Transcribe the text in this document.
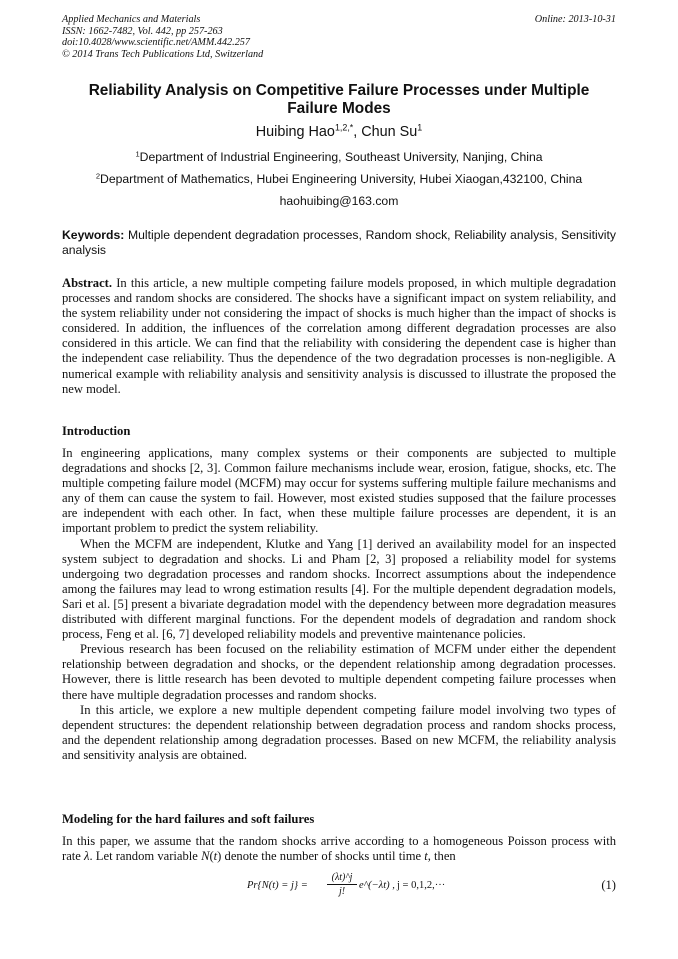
Applied Mechanics and Materials
ISSN: 1662-7482, Vol. 442, pp 257-263
doi:10.4028/www.scientific.net/AMM.442.257
© 2014 Trans Tech Publications Ltd, Switzerland
Online: 2013-10-31
Reliability Analysis on Competitive Failure Processes under Multiple Failure Modes
Huibing Hao$^{1,2,*}$, Chun Su$^1$
$^1$Department of Industrial Engineering, Southeast University, Nanjing, China
$^2$Department of Mathematics, Hubei Engineering University, Hubei Xiaogan,432100, China
haohuibing@163.com
Keywords: Multiple dependent degradation processes, Random shock, Reliability analysis, Sensitivity analysis
Abstract. In this article, a new multiple competing failure models proposed, in which multiple degradation processes and random shocks are considered. The shocks have a significant impact on system reliability, and the system reliability under not considering the impact of shocks is much higher than the impact of shocks is considered. In addition, the influences of the correlation among different degradation processes are also considered in this article. We can find that the reliability with considering the dependent case is higher than the independent case reliability. Thus the dependence of the two degradation processes is non-negligible. A numerical example with reliability analysis and sensitivity analysis is discussed to illustrate the proposed the new model.
Introduction

In engineering applications, many complex systems or their components are subjected to multiple degradations and shocks [2, 3]. Common failure mechanisms include wear, erosion, fatigue, shocks, etc. The multiple competing failure model (MCFM) may occur for systems suffering multiple failure mechanisms and any of them can cause the system to fail. However, most existed studies supposed that the failure processes are independent with each other. In fact, when these multiple failure processes are dependent, it is an important problem to predict the system reliability.

When the MCFM are independent, Klutke and Yang [1] derived an availability model for an inspected system subject to degradation and shocks. Li and Pham [2, 3] proposed a reliability model for systems undergoing two degradation processes and random shocks. Incorrect assumptions about the independence among the failures may lead to wrong estimation results [4]. For the multiple dependent degradation models, Sari et al. [5] present a bivariate degradation model with the dependency between more degradation measures distributed with different marginal functions. For the dependent models of degradation and random shock process, Feng et al. [6, 7] developed reliability models and preventive maintenance policies.

Previous research has been focused on the reliability estimation of MCFM under either the dependent relationship between degradation and shocks, or the dependent relationship among degradation processes. However, there is little research has been devoted to multiple dependent competing failure processes when there have multiple degradation processes and random shocks.

In this article, we explore a new multiple dependent competing failure model involving two types of dependent structures: the dependent relationship between degradation process and random shocks process, and the dependent relationship among degradation processes. Based on new MCFM, the reliability analysis and sensitivity analysis are obtained.

Modeling for the hard failures and soft failures
In this paper, we assume that the random shocks arrive according to a homogeneous Poisson process with rate λ. Let random variable N(t) denote the number of shocks until time t, then
$Pr\{N(t) = j\} = \frac{(\lambda t)\^{}j}{j!}$ e^(−λt) , j = 0,1,2,···	(1)
